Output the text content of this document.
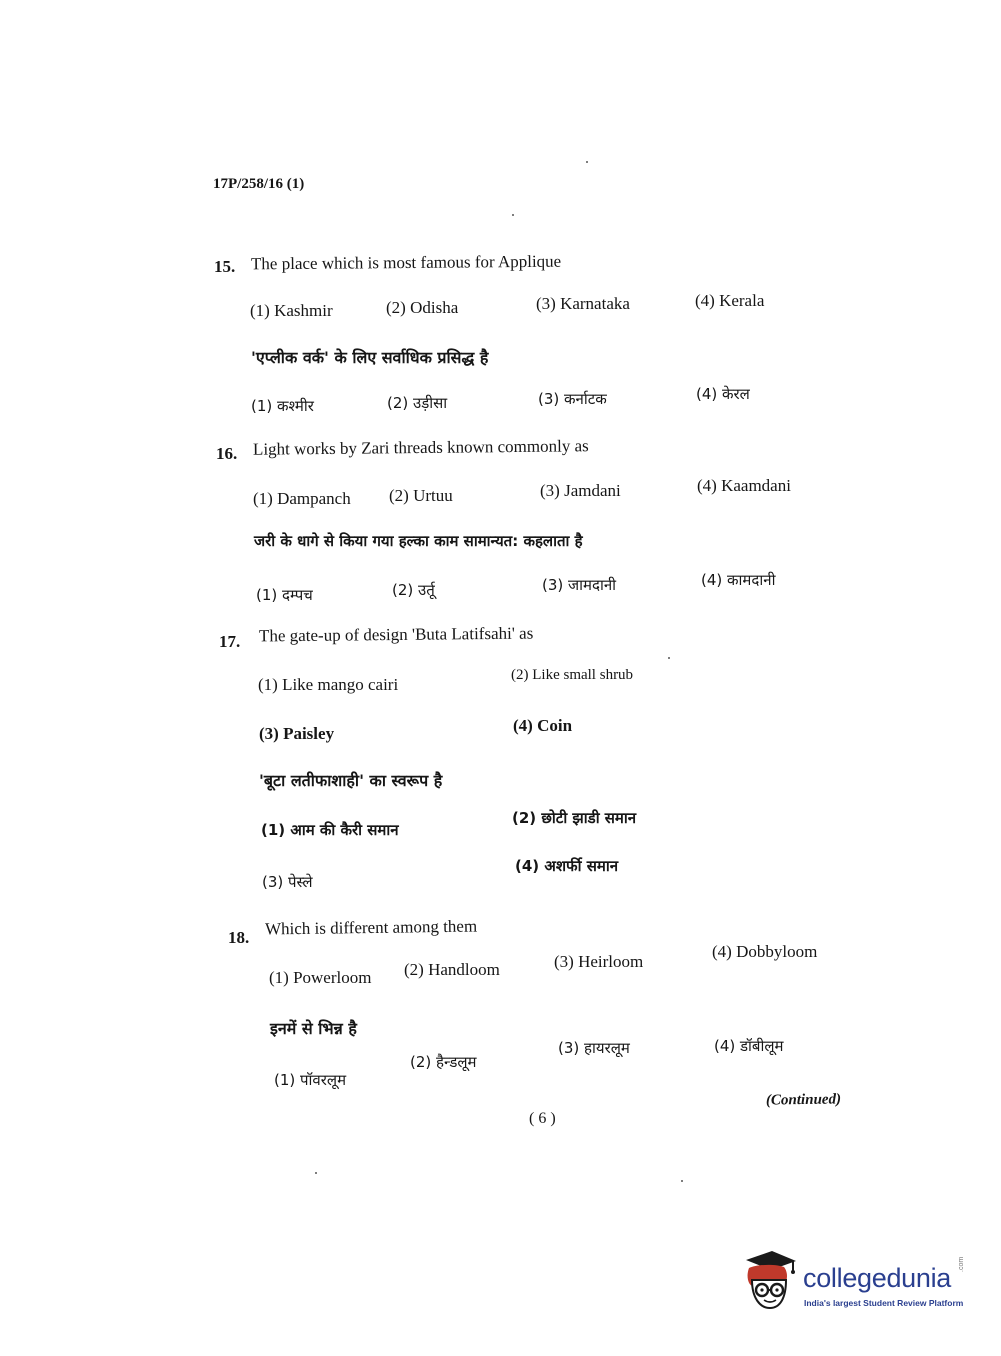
17P/258/16 (1)
15. The place which is most famous for Applique
(1) Kashmir	(2) Odisha	(3) Karnataka	(4) Kerala
'एप्लीक वर्क' के लिए सर्वाधिक प्रसिद्ध है
(1) कश्मीर	(2) उड़ीसा	(3) कर्नाटक	(4) केरल
16. Light works by Zari threads known commonly as
(1) Dampanch (2) Urtuu	(3) Jamdani	(4) Kaamdani
जरी के धागे से किया गया हल्का काम सामान्यत: कहलाता है
(1) दम्पच	(2) उर्तू	(3) जामदानी	(4) कामदानी
17. The gate-up of design 'Buta Latifsahi' as
(1) Like mango cairi	(2) Like small shrub
(3) Paisley	(4) Coin
'बूटा लतीफाशाही' का स्वरूप है
(1) आम की कैरी समान
(2) छोटी झाडी समान
(3) पेस्ले
(4) अशर्फी समान
18. Which is different among them
(1) Powerloom (2) Handloom	(3) Heirloom
(4) Dobbyloom
इनमें से भिन्न है
(1) पॉवरलूम
(2) हैन्डलूम
(3) हायरलूम	(4) डॉबीलूम
( 6 )
(Continued)
collegedunia .com
India's largest Student Review Platform
